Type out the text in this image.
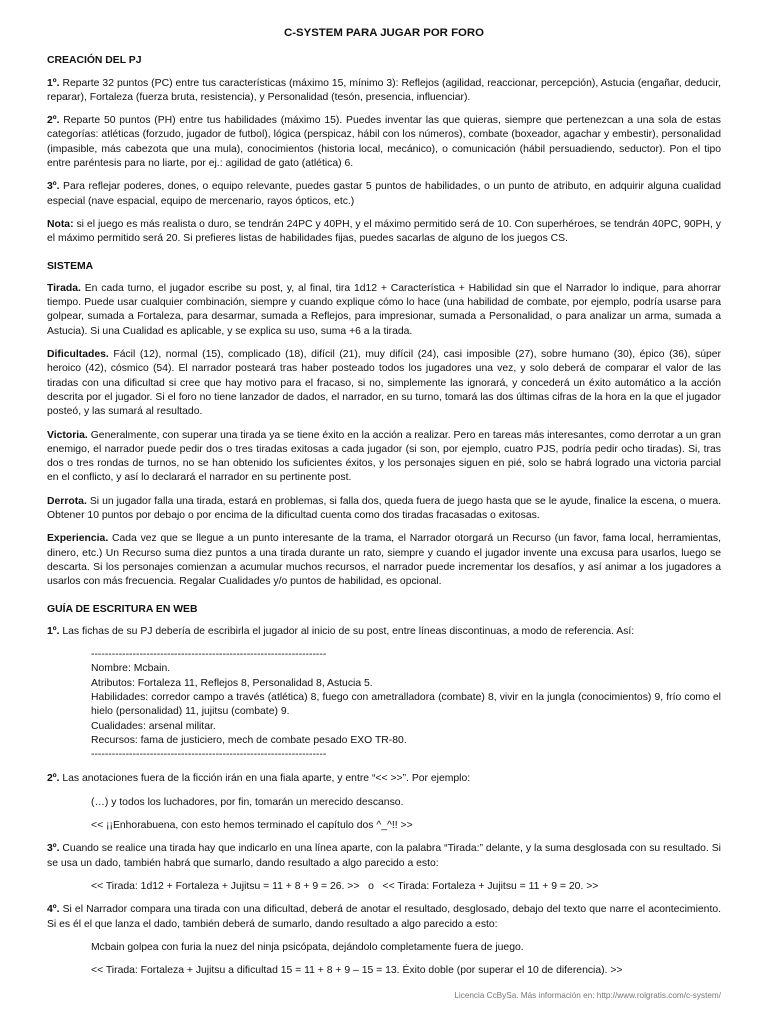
C-SYSTEM PARA JUGAR POR FORO
CREACIÓN DEL PJ

1º. Reparte 32 puntos (PC) entre tus características (máximo 15, mínimo 3): Reflejos (agilidad, reaccionar, percepción), Astucia (engañar, deducir, reparar), Fortaleza (fuerza bruta, resistencia), y Personalidad (tesón, presencia, influenciar).

2º. Reparte 50 puntos (PH) entre tus habilidades (máximo 15). Puedes inventar las que quieras, siempre que pertenezcan a una sola de estas categorías: atléticas (forzudo, jugador de futbol), lógica (perspicaz, hábil con los números), combate (boxeador, agachar y embestir), personalidad (impasible, más cabezota que una mula), conocimientos (historia local, mecánico), o comunicación (hábil persuadiendo, seductor). Pon el tipo entre paréntesis para no liarte, por ej.: agilidad de gato (atlética) 6.

3º. Para reflejar poderes, dones, o equipo relevante, puedes gastar 5 puntos de habilidades, o un punto de atributo, en adquirir alguna cualidad especial (nave espacial, equipo de mercenario, rayos ópticos, etc.)

Nota: si el juego es más realista o duro, se tendrán 24PC y 40PH, y el máximo permitido será de 10. Con superhéroes, se tendrán 40PC, 90PH, y el máximo permitido será 20. Si prefieres listas de habilidades fijas, puedes sacarlas de alguno de los juegos CS.

SISTEMA

Tirada. En cada turno, el jugador escribe su post, y, al final, tira 1d12 + Característica + Habilidad sin que el Narrador lo indique, para ahorrar tiempo. Puede usar cualquier combinación, siempre y cuando explique cómo lo hace (una habilidad de combate, por ejemplo, podría usarse para golpear, sumada a Fortaleza, para desarmar, sumada a Reflejos, para impresionar, sumada a Personalidad, o para analizar un arma, sumada a Astucia). Si una Cualidad es aplicable, y se explica su uso, suma +6 a la tirada.

Dificultades. Fácil (12), normal (15), complicado (18), difícil (21), muy difícil (24), casi imposible (27), sobre humano (30), épico (36), súper heroico (42), cósmico (54). El narrador posteará tras haber posteado todos los jugadores una vez, y solo deberá de comparar el valor de las tiradas con una dificultad si cree que hay motivo para el fracaso, si no, simplemente las ignorará, y concederá un éxito automático a la acción descrita por el jugador. Si el foro no tiene lanzador de dados, el narrador, en su turno, tomará las dos últimas cifras de la hora en la que el jugador posteó, y las sumará al resultado.

Victoria. Generalmente, con superar una tirada ya se tiene éxito en la acción a realizar. Pero en tareas más interesantes, como derrotar a un gran enemigo, el narrador puede pedir dos o tres tiradas exitosas a cada jugador (si son, por ejemplo, cuatro PJS, podría pedir ocho tiradas). Si, tras dos o tres rondas de turnos, no se han obtenido los suficientes éxitos, y los personajes siguen en pié, solo se habrá logrado una victoria parcial en el conflicto, y así lo declarará el narrador en su pertinente post.

Derrota. Si un jugador falla una tirada, estará en problemas, si falla dos, queda fuera de juego hasta que se le ayude, finalice la escena, o muera. Obtener 10 puntos por debajo o por encima de la dificultad cuenta como dos tiradas fracasadas o exitosas.

Experiencia. Cada vez que se llegue a un punto interesante de la trama, el Narrador otorgará un Recurso (un favor, fama local, herramientas, dinero, etc.) Un Recurso suma diez puntos a una tirada durante un rato, siempre y cuando el jugador invente una excusa para usarlos, luego se descarta. Si los personajes comienzan a acumular muchos recursos, el narrador puede incrementar los desafíos, y así animar a los jugadores a usarlos con más frecuencia. Regalar Cualidades y/o puntos de habilidad, es opcional.

GUÍA DE ESCRITURA EN WEB

1º. Las fichas de su PJ debería de escribirla el jugador al inicio de su post, entre líneas discontinuas, a modo de referencia. Así:

--------------------------------------------------------------------
Nombre: Mcbain.
Atributos: Fortaleza 11, Reflejos 8, Personalidad 8, Astucia 5.
Habilidades: corredor campo a través (atlética) 8, fuego con ametralladora (combate) 8, vivir en la jungla (conocimientos) 9, frío como el hielo (personalidad) 11, jujitsu (combate) 9.
Cualidades: arsenal militar.
Recursos: fama de justiciero, mech de combate pesado EXO TR-80.
--------------------------------------------------------------------

2º. Las anotaciones fuera de la ficción irán en una fiala aparte, y entre “<< >>”. Por ejemplo:

(…) y todos los luchadores, por fin, tomarán un merecido descanso.

<< ¡¡Enhorabuena, con esto hemos terminado el capítulo dos ^_^!! >>

3º. Cuando se realice una tirada hay que indicarlo en una línea aparte, con la palabra “Tirada:” delante, y la suma desglosada con su resultado. Si se usa un dado, también habrá que sumarlo, dando resultado a algo parecido a esto:

<< Tirada: 1d12 + Fortaleza + Jujitsu = 11 + 8 + 9 = 26. >>   o   << Tirada: Fortaleza + Jujitsu = 11 + 9 = 20. >>

4º. Si el Narrador compara una tirada con una dificultad, deberá de anotar el resultado, desglosado, debajo del texto que narre el acontecimiento. Si es él el que lanza el dado, también deberá de sumarlo, dando resultado a algo parecido a esto:

Mcbain golpea con furia la nuez del ninja psicópata, dejándolo completamente fuera de juego.

<< Tirada: Fortaleza + Jujitsu a dificultad 15 = 11 + 8 + 9 – 15 = 13. Éxito doble (por superar el 10 de diferencia). >>

Licencia CcBySa. Más información en: http://www.rolgratis.com/c-system/
